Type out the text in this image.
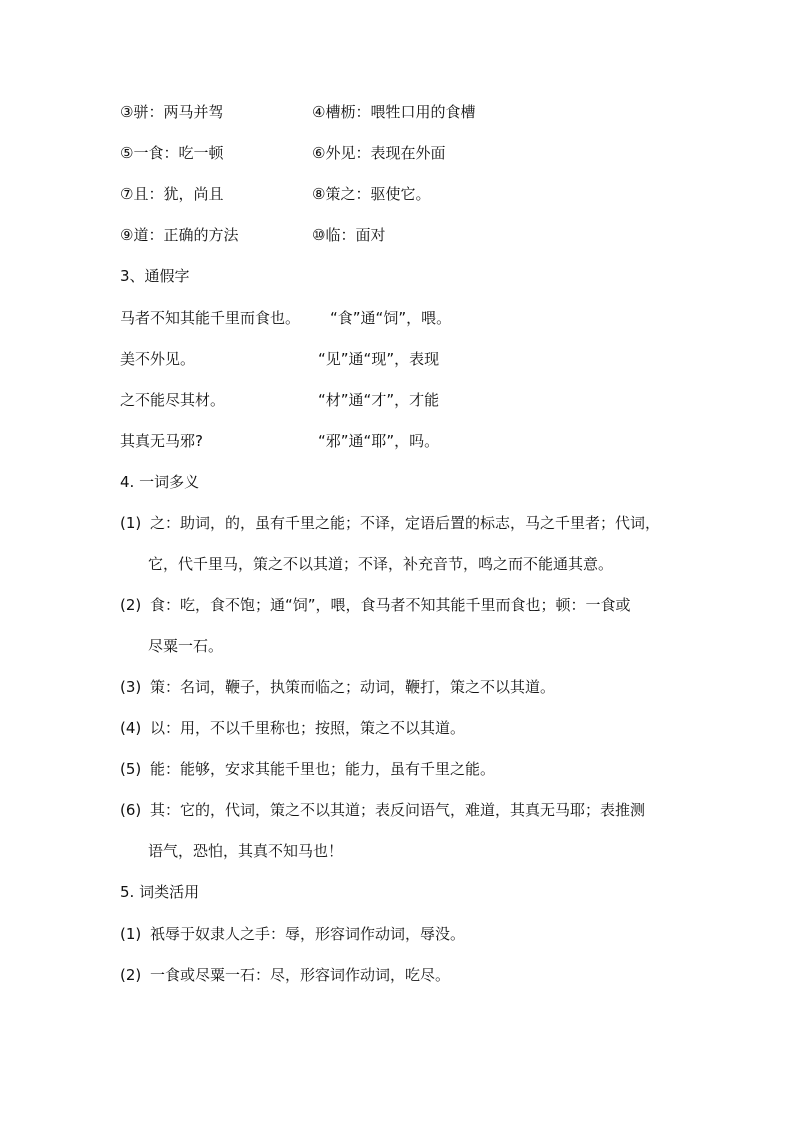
③骈：两马并驾	④槽枥：喂牲口用的食槽
⑤一食：吃一顿	⑥外见：表现在外面
⑦且：犹，尚且	⑧策之：驱使它。
⑨道：正确的方法	⑩临：面对
3、通假字
马者不知其能千里而食也。 “食”通“饲”，喂。
美不外见。	“见”通“现”，表现
之不能尽其材。	“材”通“才”，才能
其真无马邪?	“邪”通“耶”，吗。
4. 一词多义
(1) 之：助词，的，虽有千里之能；不译，定语后置的标志，马之千里者；代词，
它，代千里马，策之不以其道；不译，补充音节，鸣之而不能通其意。
(2) 食：吃，食不饱；通“饲”，喂，食马者不知其能千里而食也；顿：一食或
尽粟一石。
(3) 策：名词，鞭子，执策而临之；动词，鞭打，策之不以其道。
(4) 以：用，不以千里称也；按照，策之不以其道。
(5) 能：能够，安求其能千里也；能力，虽有千里之能。
(6) 其：它的，代词，策之不以其道；表反问语气，难道，其真无马耶；表推测
语气，恐怕，其真不知马也！
5. 词类活用
(1) 祇辱于奴隶人之手：辱，形容词作动词，辱没。
(2) 一食或尽粟一石：尽，形容词作动词，吃尽。
